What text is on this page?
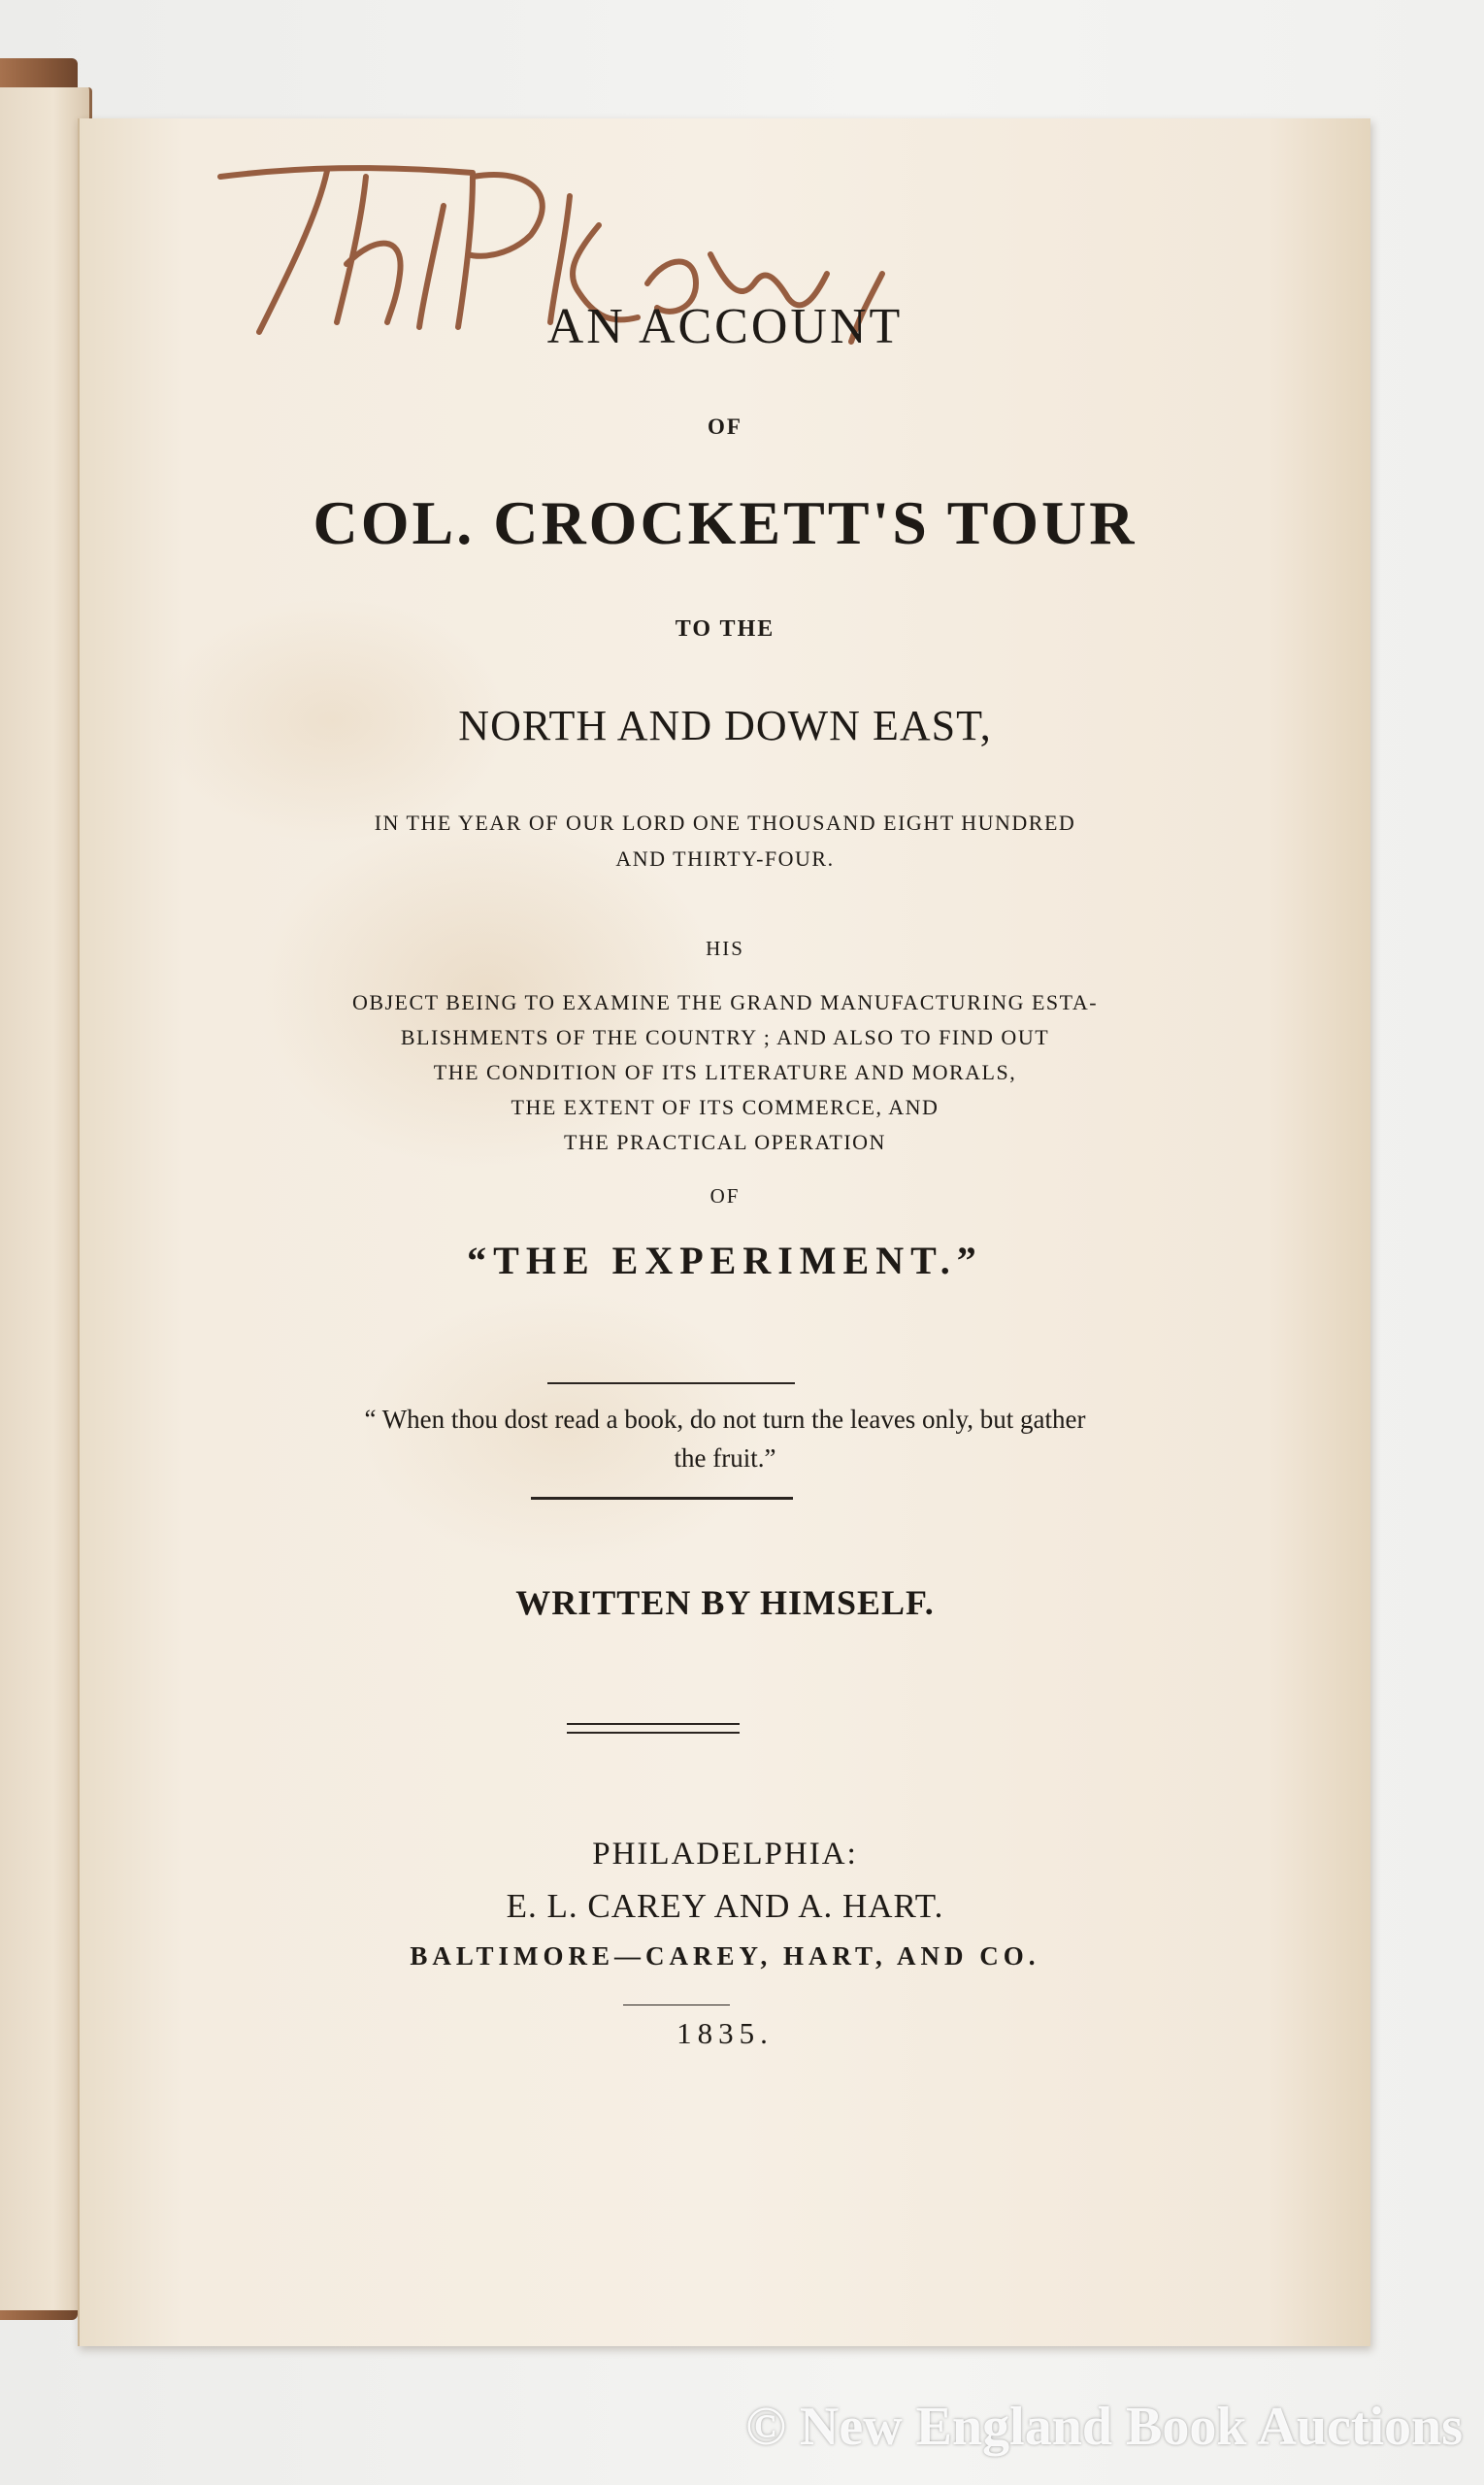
AN ACCOUNT
OF
COL. CROCKETT'S TOUR
TO THE
NORTH AND DOWN EAST,
IN THE YEAR OF OUR LORD ONE THOUSAND EIGHT HUNDRED
AND THIRTY-FOUR.
HIS
OBJECT BEING TO EXAMINE THE GRAND MANUFACTURING ESTA-
BLISHMENTS OF THE COUNTRY ; AND ALSO TO FIND OUT
THE CONDITION OF ITS LITERATURE AND MORALS,
THE EXTENT OF ITS COMMERCE, AND
THE PRACTICAL OPERATION
OF
“THE EXPERIMENT.”
“ When thou dost read a book, do not turn the leaves only, but gather
the fruit.”
WRITTEN BY HIMSELF.
PHILADELPHIA:
E. L. CAREY AND A. HART.
BALTIMORE—CAREY, HART, AND CO.
1835.
© New England Book Auctions
